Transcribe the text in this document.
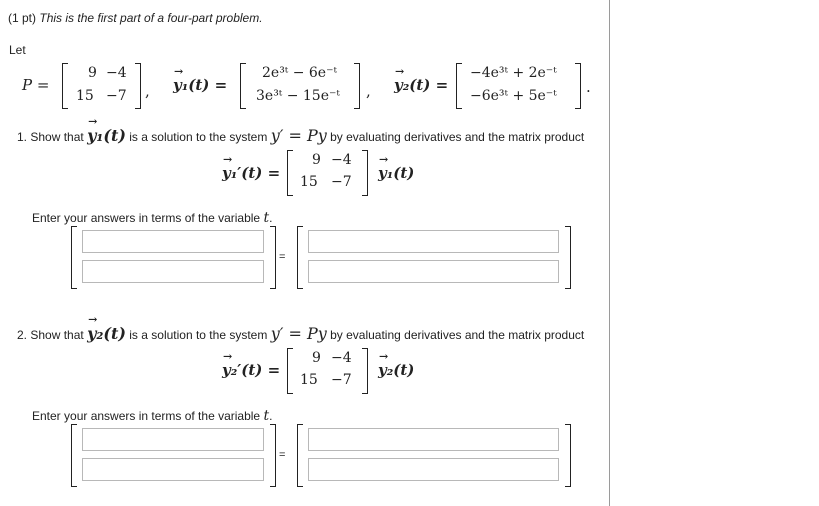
(1 pt) This is the first part of a four-part problem.
Let
P =
9 −4
15 −7 , → y₁(t) =
2e³ᵗ − 6e⁻ᵗ
3e³ᵗ − 15e⁻ᵗ , → y₂(t) =
−4e³ᵗ + 2e⁻ᵗ
−6e³ᵗ + 5e⁻ᵗ .
1. Show that → y₁(t) is a solution to the system y′ = Py by evaluating derivatives and the matrix product
→ y₁′(t) =
9 −4
15 −7 → y₁(t)
Enter your answers in terms of the variable t.
=
2. Show that → y₂(t) is a solution to the system y′ = Py by evaluating derivatives and the matrix product
→ y₂′(t) =
9 −4
15 −7
→ y₂(t)
Enter your answers in terms of the variable t.
=
